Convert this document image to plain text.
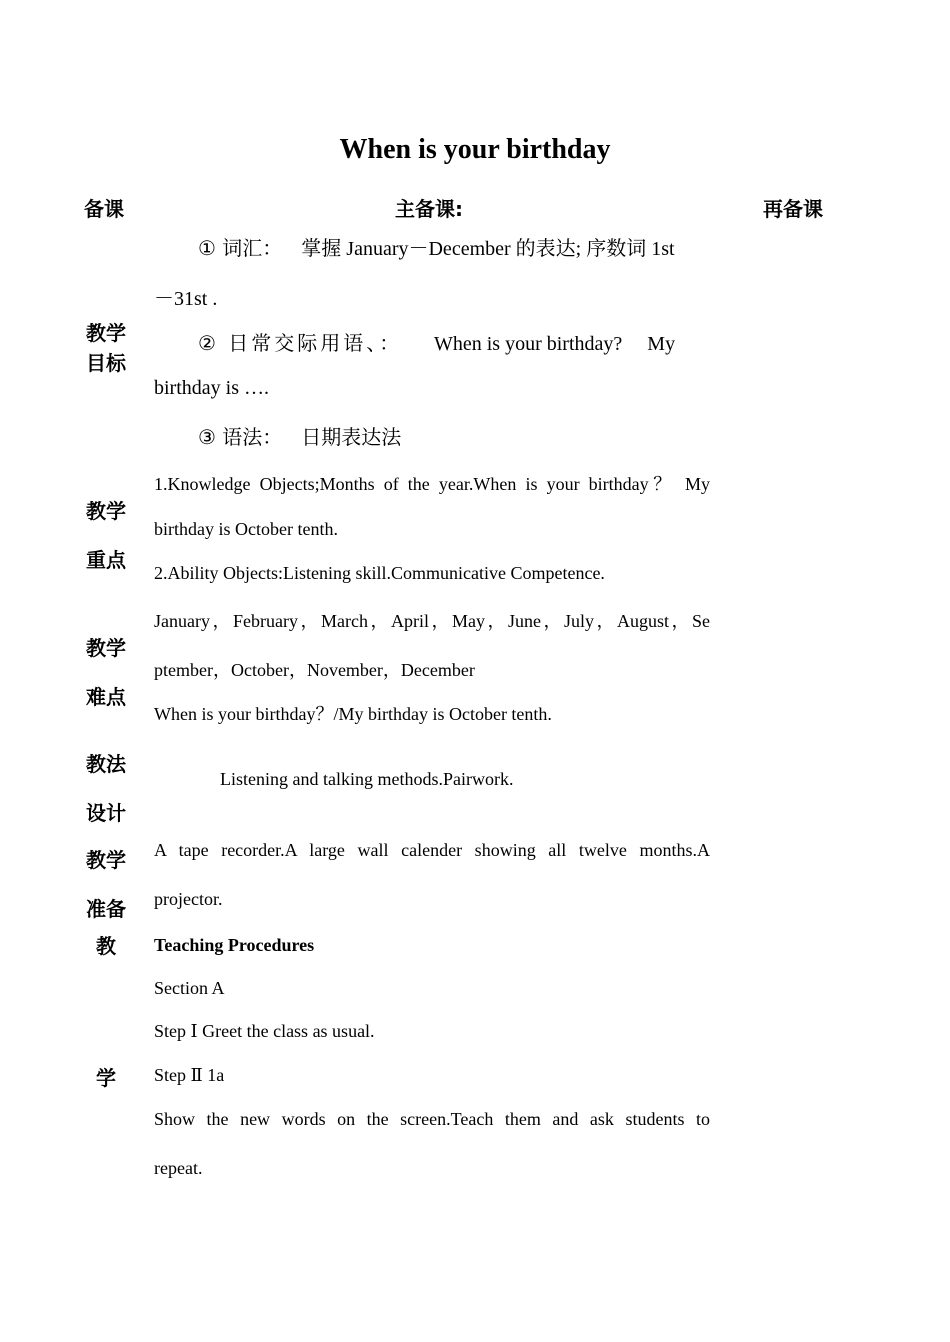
When is your birthday
备课	主备课:	再备课
教学
目标
① 词汇： 掌握 January－December 的表达; 序数词 1st
－31st .
② 日常交际用语、： When is your birthday?　 My
birthday is ….
③ 语法： 日期表达法
教学
重点
1.Knowledge Objects;Months of the year.When is your birthday？ My
birthday is October tenth.
2.Ability Objects:Listening skill.Communicative Competence.
教学
难点
January，February，March，April，May，June，July，August，Se
ptember，October，November，December
When is your birthday？/My birthday is October tenth.
教法
设计
Listening and talking methods.Pairwork.
教学
准备
A tape recorder.A large wall calender showing all twelve months.A
projector.
教
学
Teaching Procedures
Section A
Step Ⅰ Greet the class as usual.
Step Ⅱ 1a
Show the new words on the screen.Teach them and ask students to
repeat.
